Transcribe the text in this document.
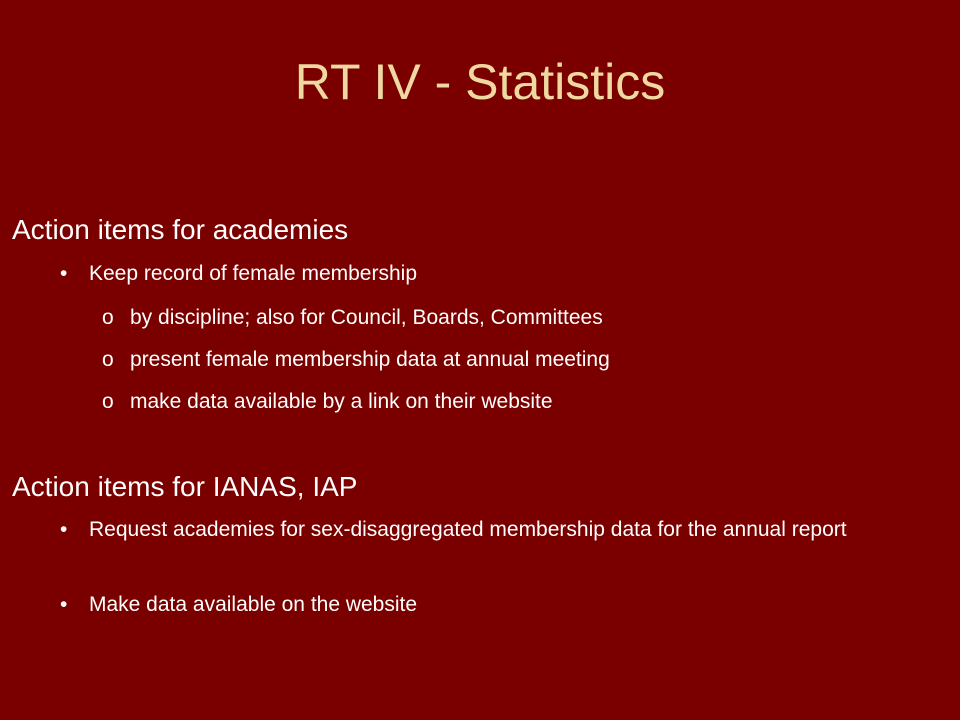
RT IV - Statistics
Action items for academies
• Keep record of female membership
o by discipline; also for Council, Boards, Committees
o present female membership data at annual meeting
o make data available by a link on their website
Action items for IANAS, IAP
• Request academies for sex-disaggregated membership data for the annual report
• Make data available on the website
